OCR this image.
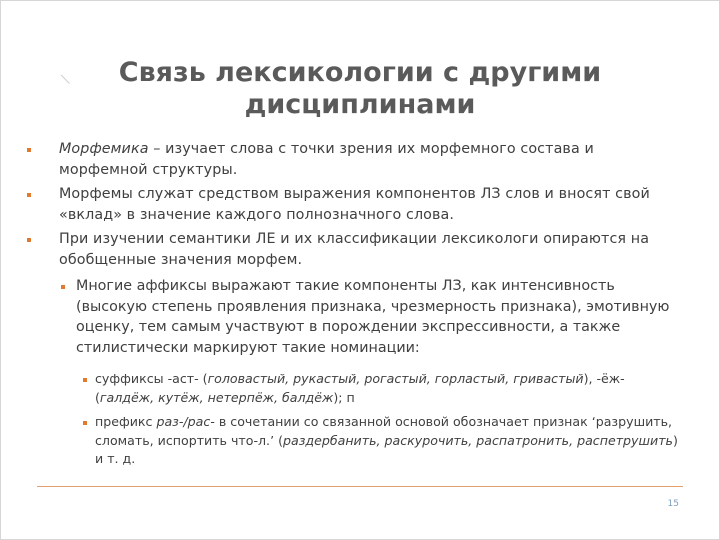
Связь лексикологии с другими
дисциплинами

Морфемика – изучает слова с точки зрения их морфемного состава и морфемной структуры.

Морфемы служат средством выражения компонентов ЛЗ слов и вносят свой «вклад» в значение каждого полнозначного слова.

При изучении семантики ЛЕ и их классификации лексикологи опираются на обобщенные значения морфем.

Многие аффиксы выражают такие компоненты ЛЗ, как интенсивность (высокую степень проявления признака, чрезмерность признака), эмотивную оценку, тем самым участвуют в порождении экспрессивности, а также стилистически маркируют такие номинации:

суффиксы -аст- (головастый, рукастый, рогастый, горластый, гривастый), -ёж- (галдёж, кутёж, нетерпёж, балдёж); п

префикс раз-/рас- в сочетании со связанной основой обозначает признак ‘разрушить, сломать, испортить что-л.’ (раздербанить, раскурочить, распатронить, распетрушить) и т. д.

15
